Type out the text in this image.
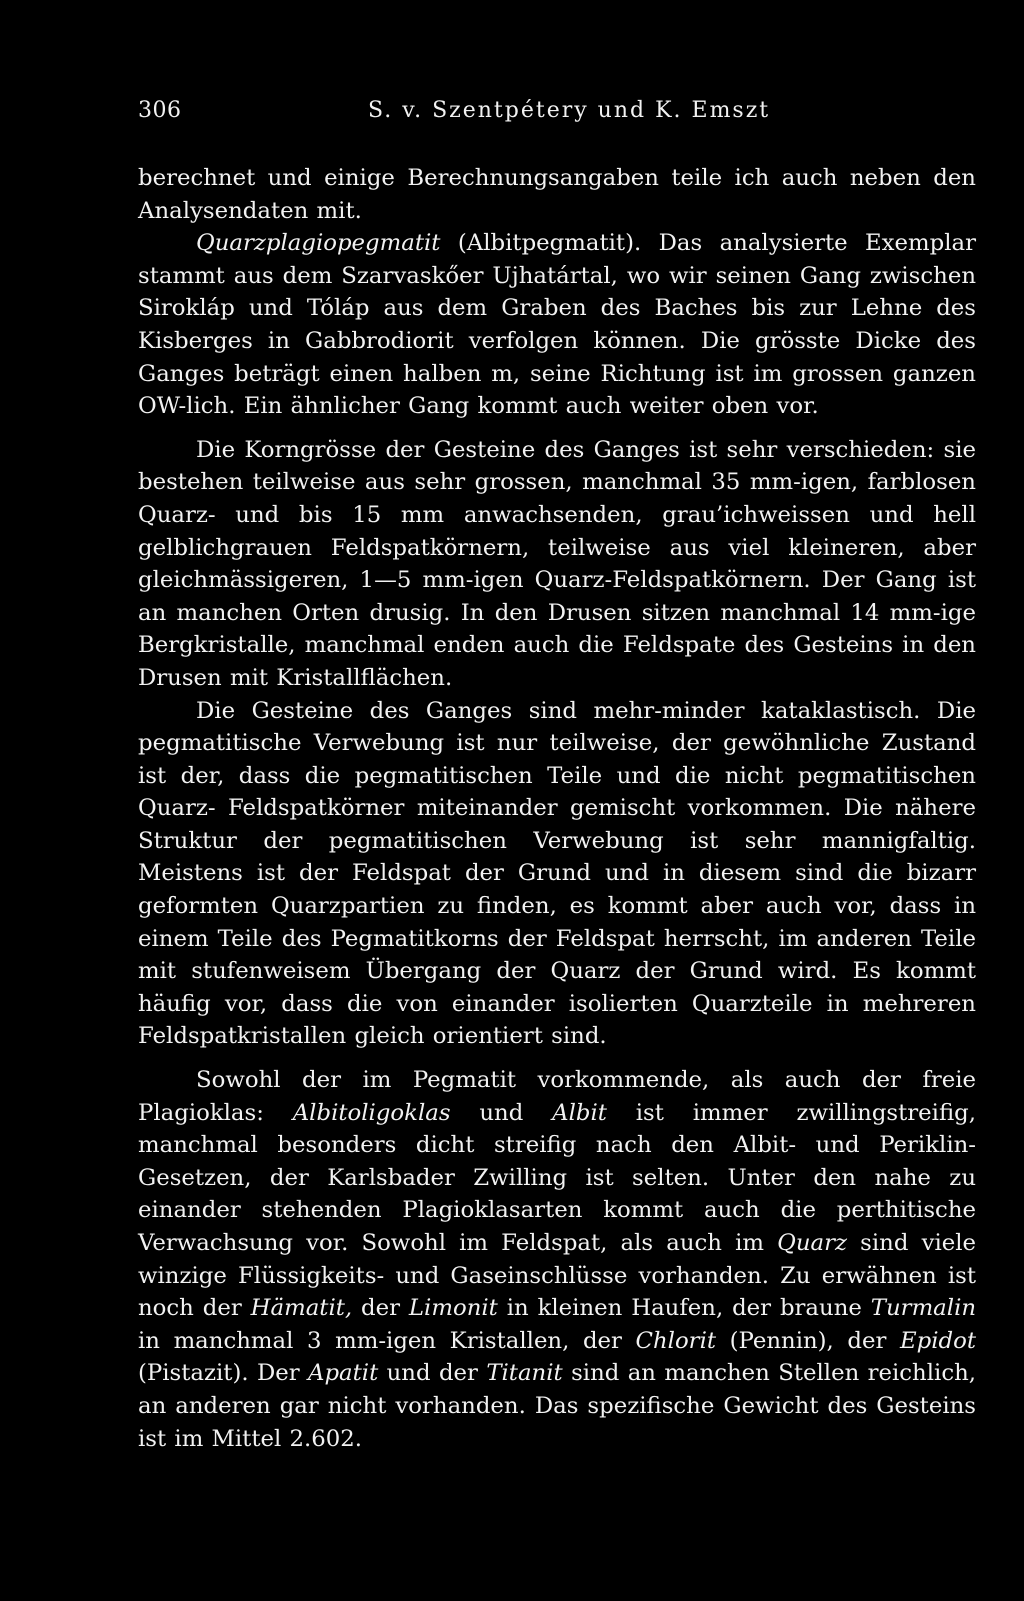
306	S. v. Szentpétery und K. Emszt

berechnet und einige Berechnungsangaben teile ich auch neben den Analysendaten mit.

Quarzplagiopegmatit (Albitpegmatit). Das analysierte Exemplar stammt aus dem Szarvaskőer Ujhatártal, wo wir seinen Gang zwischen Sirokláp und Tóláp aus dem Graben des Baches bis zur Lehne des Kisberges in Gabbrodiorit verfolgen können. Die grösste Dicke des Ganges beträgt einen halben m, seine Richtung ist im grossen ganzen OW-lich. Ein ähnlicher Gang kommt auch weiter oben vor.

Die Korngrösse der Gesteine des Ganges ist sehr verschieden: sie bestehen teilweise aus sehr grossen, manchmal 35 mm-igen, farblosen Quarz- und bis 15 mm anwachsenden, grau’ichweissen und hell gelblichgrauen Feldspatkörnern, teilweise aus viel kleineren, aber gleichmässigeren, 1—5 mm-igen Quarz-Feldspatkörnern. Der Gang ist an manchen Orten drusig. In den Drusen sitzen manchmal 14 mm-ige Bergkristalle, manchmal enden auch die Feldspate des Gesteins in den Drusen mit Kristallflächen.

Die Gesteine des Ganges sind mehr-minder kataklastisch. Die pegmatitische Verwebung ist nur teilweise, der gewöhnliche Zustand ist der, dass die pegmatitischen Teile und die nicht pegmatitischen Quarz- Feldspatkörner miteinander gemischt vorkommen. Die nähere Struktur der pegmatitischen Verwebung ist sehr mannigfaltig. Meistens ist der Feldspat der Grund und in diesem sind die bizarr geformten Quarzpartien zu finden, es kommt aber auch vor, dass in einem Teile des Pegmatitkorns der Feldspat herrscht, im anderen Teile mit stufenweisem Übergang der Quarz der Grund wird. Es kommt häufig vor, dass die von einander isolierten Quarzteile in mehreren Feldspatkristallen gleich orientiert sind.

Sowohl der im Pegmatit vorkommende, als auch der freie Plagioklas: Albitoligoklas und Albit ist immer zwillingstreifig, manchmal besonders dicht streifig nach den Albit- und Periklin-Gesetzen, der Karlsbader Zwilling ist selten. Unter den nahe zu einander stehenden Plagioklasarten kommt auch die perthitische Verwachsung vor. Sowohl im Feldspat, als auch im Quarz sind viele winzige Flüssigkeits- und Gaseinschlüsse vorhanden. Zu erwähnen ist noch der Hämatit, der Limonit in kleinen Haufen, der braune Turmalin in manchmal 3 mm-igen Kristallen, der Chlorit (Pennin), der Epidot (Pistazit). Der Apatit und der Titanit sind an manchen Stellen reichlich, an anderen gar nicht vorhanden. Das spezifische Gewicht des Gesteins ist im Mittel 2.602.
